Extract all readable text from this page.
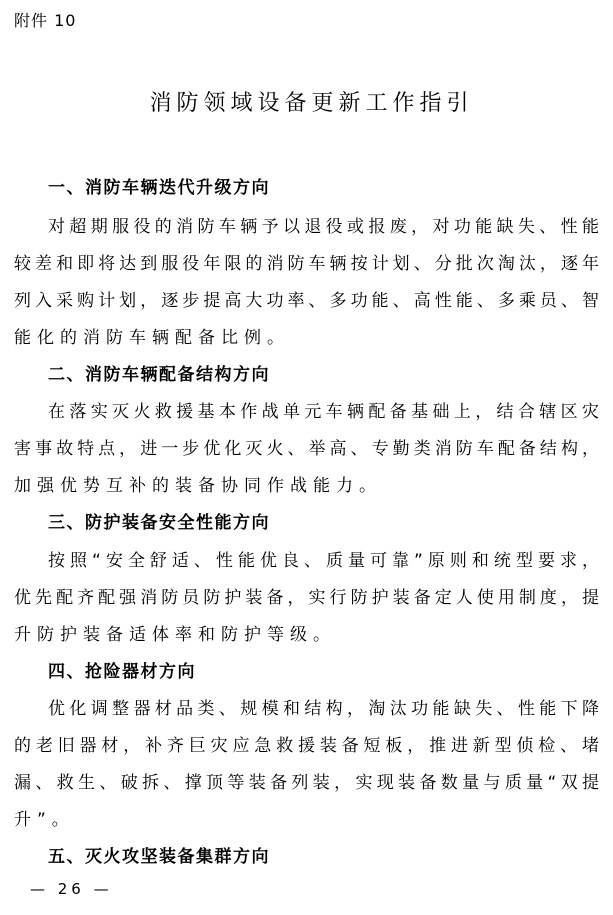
附件 10
消防领域设备更新工作指引
一、消防车辆迭代升级方向
对超期服役的消防车辆予以退役或报废，对功能缺失、性能
较差和即将达到服役年限的消防车辆按计划、分批次淘汰，逐年
列入采购计划，逐步提高大功率、多功能、高性能、多乘员、智
能化的消防车辆配备比例。
二、消防车辆配备结构方向
在落实灭火救援基本作战单元车辆配备基础上，结合辖区灾
害事故特点，进一步优化灭火、举高、专勤类消防车配备结构，
加强优势互补的装备协同作战能力。
三、防护装备安全性能方向
按照“安全舒适、性能优良、质量可靠”原则和统型要求，
优先配齐配强消防员防护装备，实行防护装备定人使用制度，提
升防护装备适体率和防护等级。
四、抢险器材方向
优化调整器材品类、规模和结构，淘汰功能缺失、性能下降
的老旧器材，补齐巨灾应急救援装备短板，推进新型侦检、堵
漏、救生、破拆、撑顶等装备列装，实现装备数量与质量“双提
升”。
五、灭火攻坚装备集群方向
— 26 —
